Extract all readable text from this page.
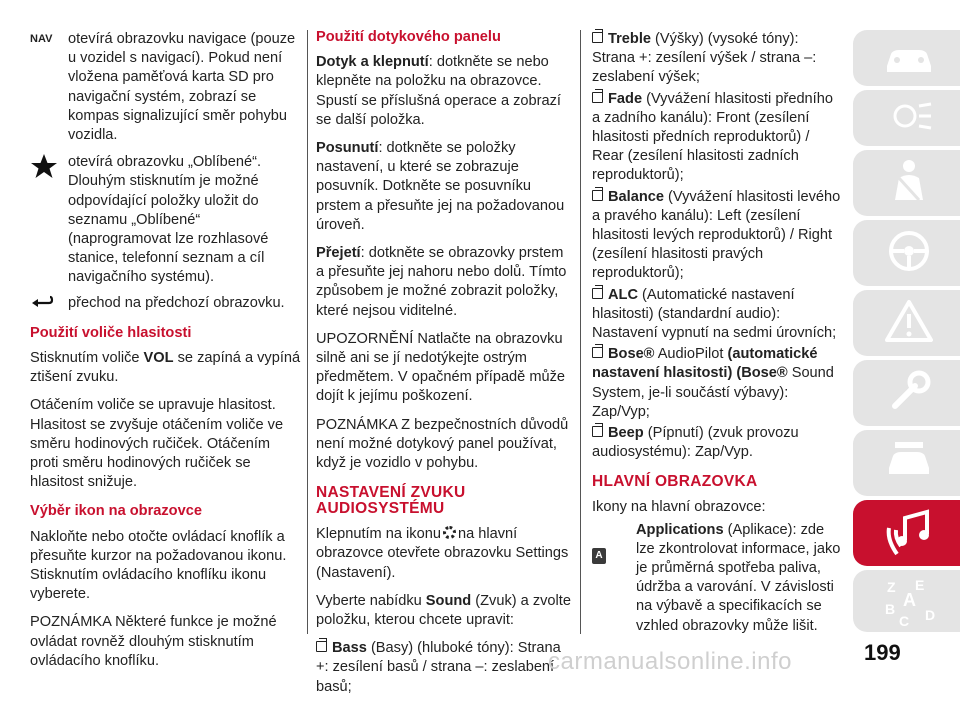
NAV	otevírá obrazovku navigace (pouze u vozidel s navigací). Pokud není vložena paměťová karta SD pro navigační systém, zobrazí se kompas signalizující směr pohybu vozidla.
otevírá obrazovku „Oblíbené“. Dlouhým stisknutím je možné odpovídající položky uložit do seznamu „Oblíbené“ (naprogramovat lze rozhlasové stanice, telefonní seznam a cíl navigačního systému).
přechod na předchozí obrazovku.
Použití voliče hlasitosti

Stisknutím voliče VOL se zapíná a vypíná ztišení zvuku.

Otáčením voliče se upravuje hlasitost. Hlasitost se zvyšuje otáčením voliče ve směru hodinových ručiček. Otáčením proti směru hodinových ručiček se hlasitost snižuje.

Výběr ikon na obrazovce

Nakloňte nebo otočte ovládací knoflík a přesuňte kurzor na požadovanou ikonu. Stisknutím ovládacího knoflíku ikonu vyberete.

POZNÁMKA Některé funkce je možné ovládat rovněž dlouhým stisknutím ovládacího knoflíku.

Použití dotykového panelu

Dotyk a klepnutí: dotkněte se nebo klepněte na položku na obrazovce. Spustí se příslušná operace a zobrazí se další položka.

Posunutí: dotkněte se položky nastavení, u které se zobrazuje posuvník. Dotkněte se posuvníku prstem a přesuňte jej na požadovanou úroveň.

Přejetí: dotkněte se obrazovky prstem a přesuňte jej nahoru nebo dolů. Tímto způsobem je možné zobrazit položky, které nejsou viditelné.

UPOZORNĚNÍ Natlačte na obrazovku silně ani se jí nedotýkejte ostrým předmětem. V opačném případě může dojít k jejímu poškození.

POZNÁMKA Z bezpečnostních důvodů není možné dotykový panel používat, když je vozidlo v pohybu.

NASTAVENÍ ZVUKU AUDIOSYSTÉMU

Klepnutím na ikonu na hlavní obrazovce otevřete obrazovku Settings (Nastavení).

Vyberte nabídku Sound (Zvuk) a zvolte položku, kterou chcete upravit:

Bass (Basy) (hluboké tóny): Strana +: zesílení basů / strana –: zeslabení basů;

Treble (Výšky) (vysoké tóny): Strana +: zesílení výšek / strana –: zeslabení výšek;

Fade (Vyvážení hlasitosti předního a zadního kanálu): Front (zesílení hlasitosti předních reproduktorů) / Rear (zesílení hlasitosti zadních reproduktorů);

Balance (Vyvážení hlasitosti levého a pravého kanálu): Left (zesílení hlasitosti levých reproduktorů) / Right (zesílení hlasitosti pravých reproduktorů);

ALC (Automatické nastavení hlasitosti) (standardní audio): Nastavení vypnutí na sedmi úrovních;

Bose® AudioPilot (automatické nastavení hlasitosti) (Bose® Sound System, je-li součástí výbavy): Zap/Vyp;

Beep (Pípnutí) (zvuk provozu audiosystému): Zap/Vyp.

HLAVNÍ OBRAZOVKA

Ikony na hlavní obrazovce:

A
Applications (Aplikace): zde lze zkontrolovat informace, jako je průměrná spotřeba paliva, údržba a varování. V závislosti na výbavě a specifikacích se vzhled obrazovky může lišit.
Z E
A
B
C D
199
carmanualsonline.info
